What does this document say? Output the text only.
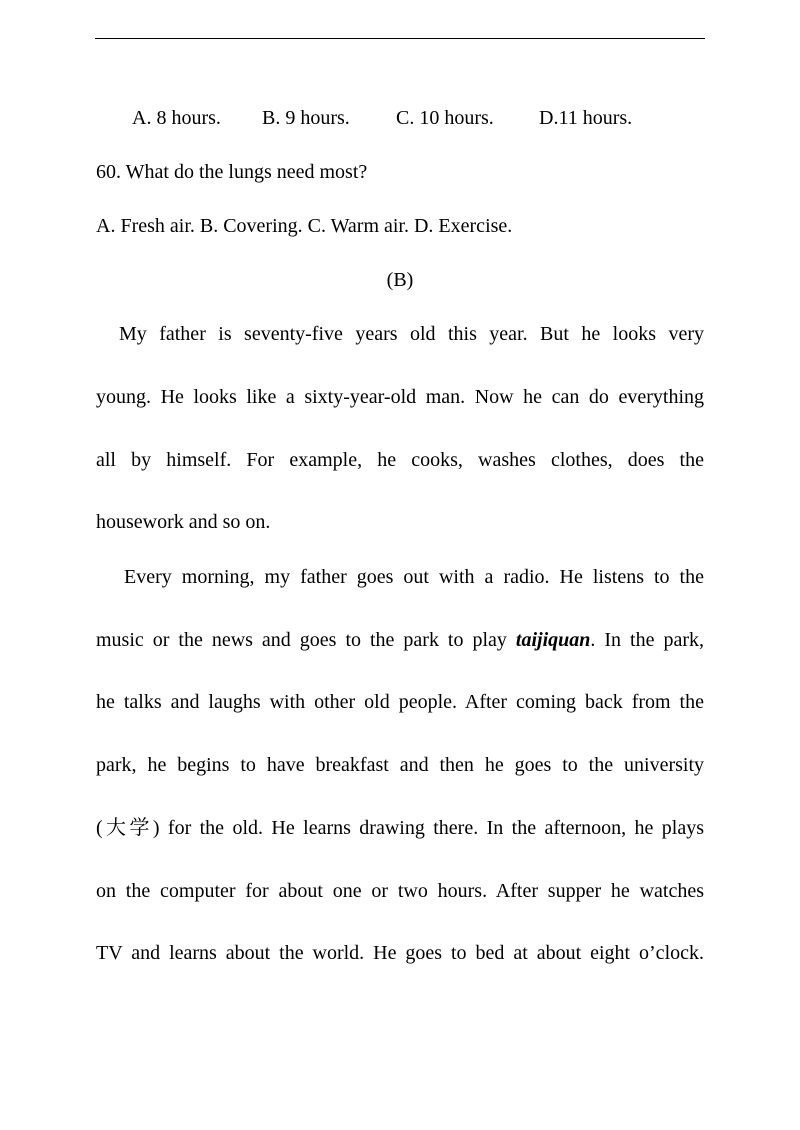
A. 8 hours. B. 9 hours. C. 10 hours. D.11 hours.
60. What do the lungs need most?
A. Fresh air. B. Covering. C. Warm air. D. Exercise.
(B)
My father is seventy-five years old this year. But he looks very
young. He looks like a sixty-year-old man. Now he can do everything
all by himself. For example, he cooks, washes clothes, does the
housework and so on.
Every morning, my father goes out with a radio. He listens to the
music or the news and goes to the park to play taijiquan. In the park,
he talks and laughs with other old people. After coming back from the
park, he begins to have breakfast and then he goes to the university
(大学) for the old. He learns drawing there. In the afternoon, he plays
on the computer for about one or two hours. After supper he watches
TV and learns about the world. He goes to bed at about eight o’clock.
